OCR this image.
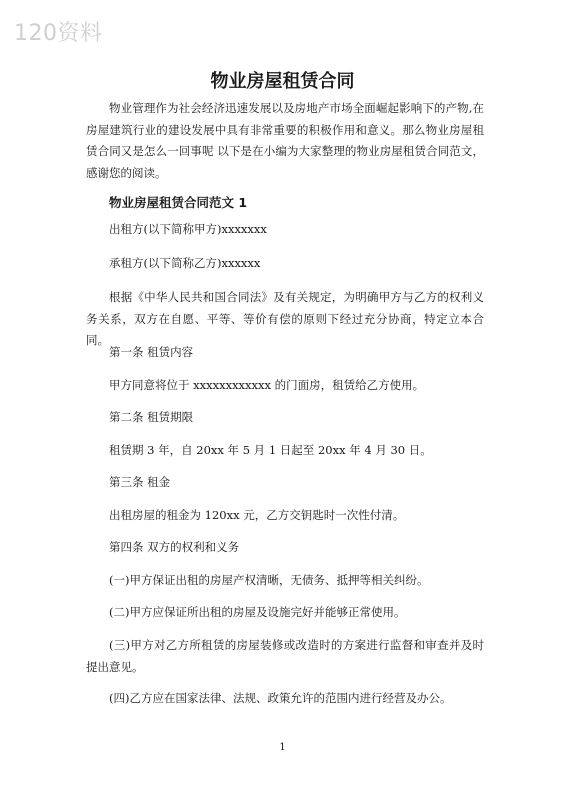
120资料
物业房屋租赁合同

物业管理作为社会经济迅速发展以及房地产市场全面崛起影响下的产物,在房屋建筑行业的建设发展中具有非常重要的积极作用和意义。那么物业房屋租赁合同又是怎么一回事呢 以下是在小编为大家整理的物业房屋租赁合同范文，感谢您的阅读。

物业房屋租赁合同范文 1

出租方(以下简称甲方)xxxxxxx

承租方(以下简称乙方)xxxxxx

根据《中华人民共和国合同法》及有关规定，为明确甲方与乙方的权利义务关系，双方在自愿、平等、等价有偿的原则下经过充分协商，特定立本合同。

第一条 租赁内容

甲方同意将位于 xxxxxxxxxxxx 的门面房，租赁给乙方使用。

第二条 租赁期限

租赁期 3 年，自 20xx 年 5 月 1 日起至 20xx 年 4 月 30 日。

第三条 租金

出租房屋的租金为 120xx 元，乙方交钥匙时一次性付清。

第四条 双方的权利和义务

(一)甲方保证出租的房屋产权清晰，无债务、抵押等相关纠纷。

(二)甲方应保证所出租的房屋及设施完好并能够正常使用。

(三)甲方对乙方所租赁的房屋装修或改造时的方案进行监督和审查并及时提出意见。

(四)乙方应在国家法律、法规、政策允许的范围内进行经营及办公。

1
